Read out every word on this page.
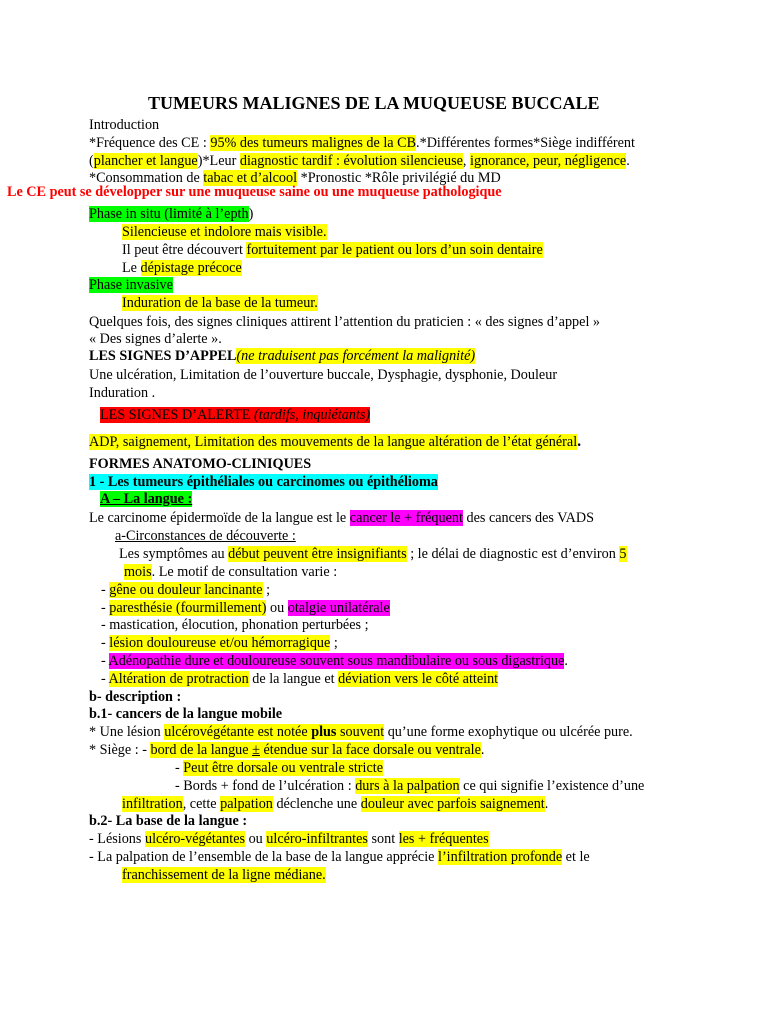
TUMEURS MALIGNES DE LA MUQUEUSE BUCCALE
Introduction
*Fréquence des CE : 95% des tumeurs malignes de la CB.*Différentes formes*Siège indifférent
(plancher et langue)*Leur diagnostic tardif : évolution silencieuse, ignorance, peur, négligence.
*Consommation de tabac et d’alcool *Pronostic *Rôle privilégié du MD
Le CE peut se développer sur une muqueuse saine ou une muqueuse pathologique
Phase in situ (limité à l’epth)
Silencieuse et indolore mais visible.
Il peut être découvert fortuitement par le patient ou lors d’un soin dentaire
Le dépistage précoce
Phase invasive
Induration de la base de la tumeur.
Quelques fois, des signes cliniques attirent l’attention du praticien : « des signes d’appel »
« Des signes d’alerte ».
LES SIGNES D’APPEL(ne traduisent pas forcément la malignité)
Une ulcération, Limitation de l’ouverture buccale, Dysphagie, dysphonie, Douleur
Induration .
LES SIGNES D’ALERTE (tardifs, inquiétants)
ADP, saignement, Limitation des mouvements de la langue altération de l’état général.
FORMES ANATOMO-CLINIQUES
1 - Les tumeurs épithéliales ou carcinomes ou épithélioma
A – La langue :
Le carcinome épidermoïde de la langue est le cancer le + fréquent des cancers des VADS
a-Circonstances de découverte :
Les symptômes au début peuvent être insignifiants ; le délai de diagnostic est d’environ 5
mois. Le motif de consultation varie :
- gêne ou douleur lancinante ;
- paresthésie (fourmillement) ou otalgie unilatérale
- mastication, élocution, phonation perturbées ;
- lésion douloureuse et/ou hémorragique ;
- Adénopathie dure et douloureuse souvent sous mandibulaire ou sous digastrique.
- Altération de protraction de la langue et déviation vers le côté atteint
b- description :
b.1- cancers de la langue mobile
* Une lésion ulcérovégétante est notée plus souvent qu’une forme exophytique ou ulcérée pure.
* Siège : - bord de la langue ± étendue sur la face dorsale ou ventrale.
- Peut être dorsale ou ventrale stricte
- Bords + fond de l’ulcération : durs à la palpation ce qui signifie l’existence d’une
infiltration, cette palpation déclenche une douleur avec parfois saignement.
b.2- La base de la langue :
- Lésions ulcéro-végétantes ou ulcéro-infiltrantes sont les + fréquentes
- La palpation de l’ensemble de la base de la langue apprécie l’infiltration profonde et le
franchissement de la ligne médiane.
